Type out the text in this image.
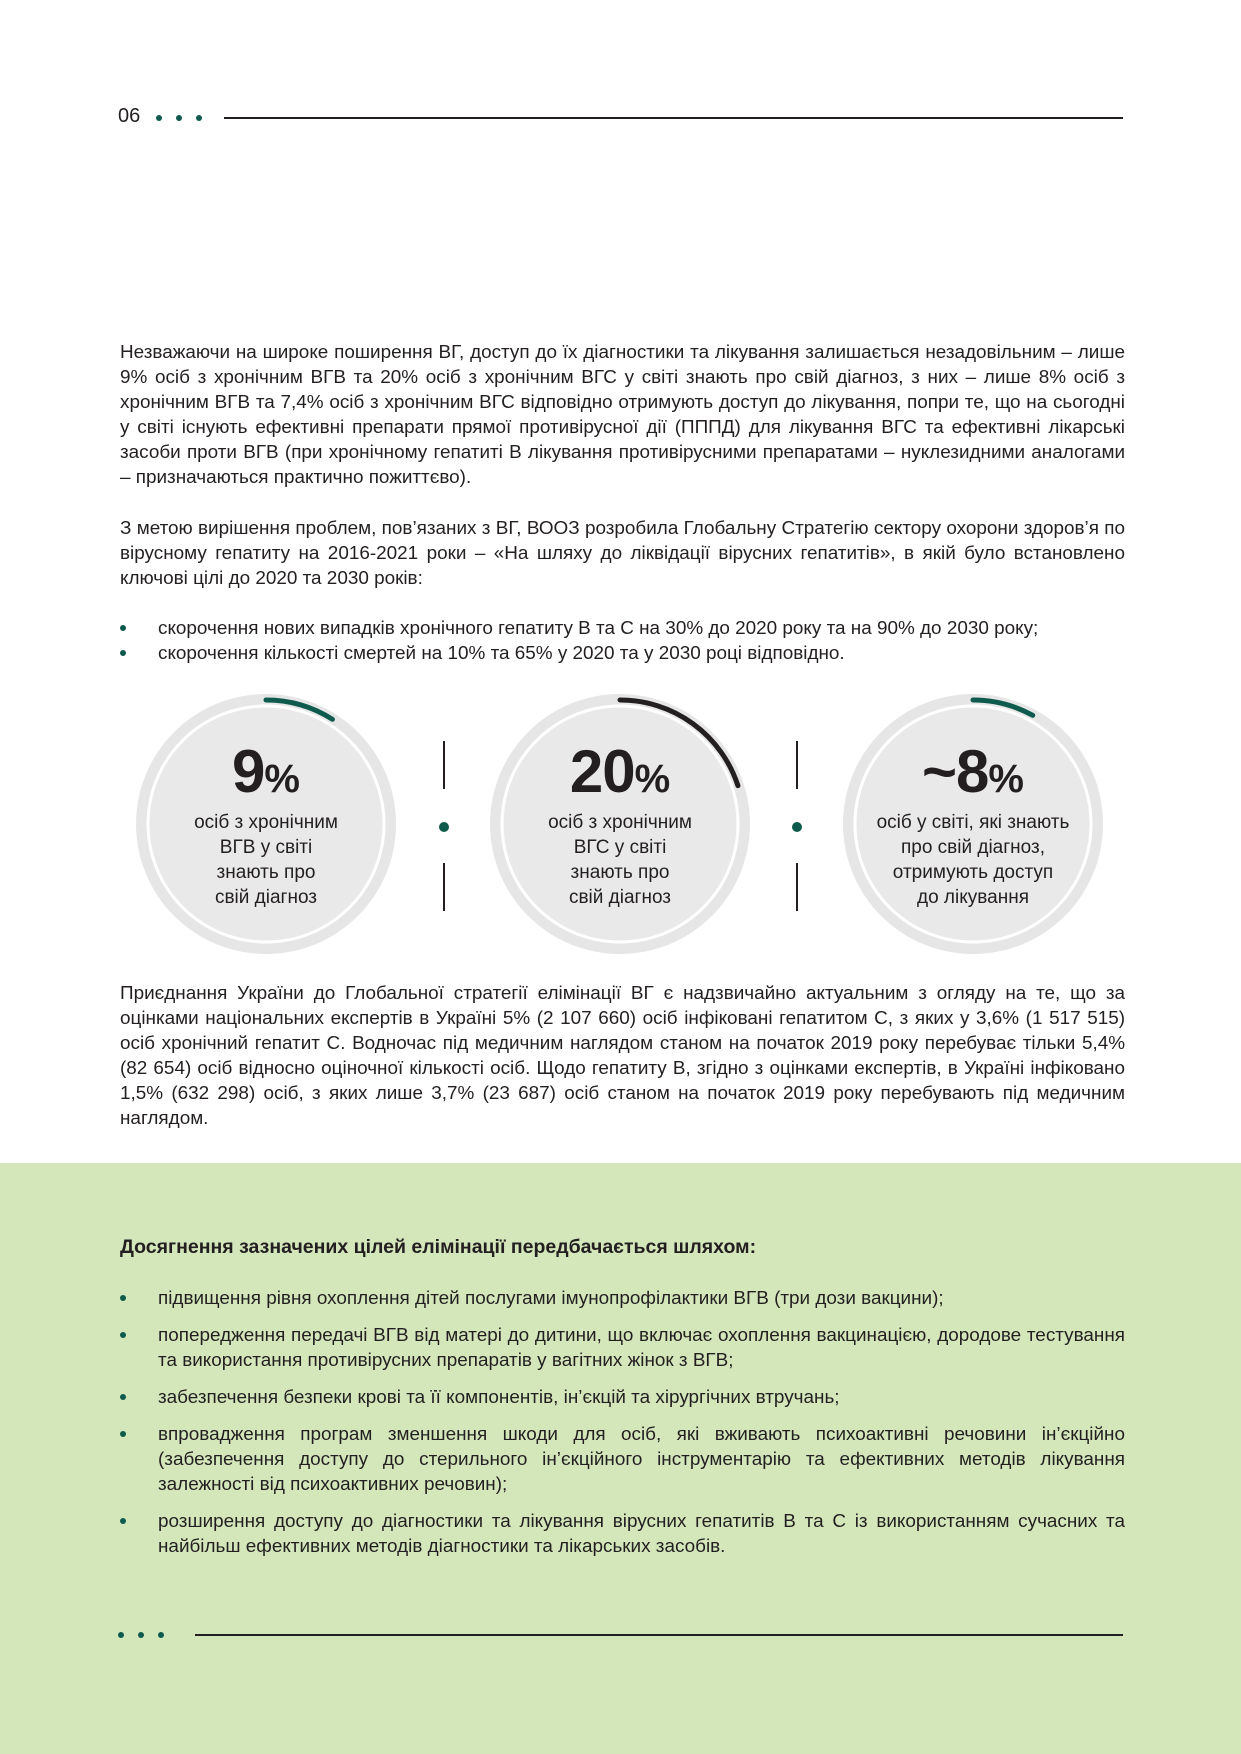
06

Незважаючи на широке поширення ВГ, доступ до їх діагностики та лікування залишається незадовільним – лише 9% осіб з хронічним ВГВ та 20% осіб з хронічним ВГС у світі знають про свій діагноз, з них – лише 8% осіб з хронічним ВГВ та 7,4% осіб з хронічним ВГС відповідно отримують доступ до лікування, попри те, що на сьогодні у світі існують ефективні препарати прямої противірусної дії (ПППД) для лікування ВГС та ефективні лікарські засоби проти ВГВ (при хронічному гепатиті В лікування противірусними препаратами – нуклезидними аналогами – призначаються практично пожиттєво).

З метою вирішення проблем, пов’язаних з ВГ, ВООЗ розробила Глобальну Стратегію сектору охорони здоров’я по вірусному гепатиту на 2016-2021 роки – «На шляху до ліквідації вірусних гепатитів», в якій було встановлено ключові цілі до 2020 та 2030 років:

скорочення нових випадків хронічного гепатиту В та С на 30% до 2020 року та на 90% до 2030 року;
скорочення кількості смертей на 10% та 65% у 2020 та у 2030 році відповідно.
9%
осіб з хронічним
ВГВ у світі
знають про
свій діагноз
20%
осіб з хронічним
ВГС у світі
знають про
свій діагноз
~8%
осіб у світі, які знають
про свій діагноз,
отримують доступ
до лікування

Приєднання України до Глобальної стратегії елімінації ВГ є надзвичайно актуальним з огляду на те, що за оцінками національних експертів в Україні 5% (2 107 660) осіб інфіковані гепатитом С, з яких у 3,6% (1 517 515) осіб хронічний гепатит С. Водночас під медичним наглядом станом на початок 2019 року перебуває тільки 5,4% (82 654) осіб відносно оціночної кількості осіб. Щодо гепатиту В, згідно з оцінками експертів, в Україні інфіковано 1,5% (632 298) осіб, з яких лише 3,7% (23 687) осіб станом на початок 2019 року перебувають під медичним наглядом.

Досягнення зазначених цілей елімінації передбачається шляхом:
підвищення рівня охоплення дітей послугами імунопрофілактики ВГВ (три дози вакцини);
попередження передачі ВГВ від матері до дитини, що включає охоплення вакцинацією, дородове тестування та використання противірусних препаратів у вагітних жінок з ВГВ;
забезпечення безпеки крові та її компонентів, ін’єкцій та хірургічних втручань;
впровадження програм зменшення шкоди для осіб, які вживають психоактивні речовини ін’єкційно (забезпечення доступу до стерильного ін’єкційного інструментарію та ефективних методів лікування залежності від психоактивних речовин);
розширення доступу до діагностики та лікування вірусних гепатитів В та С із використанням сучасних та найбільш ефективних методів діагностики та лікарських засобів.
